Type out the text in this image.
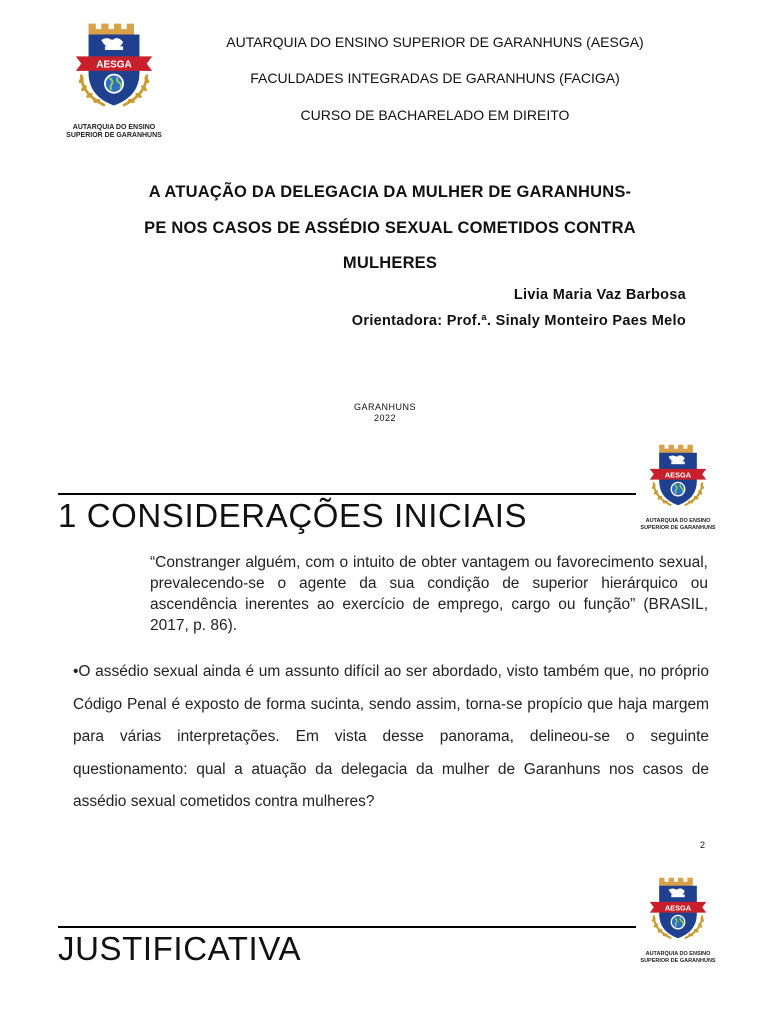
AUTARQUIA DO ENSINO
SUPERIOR DE GARANHUNS
AUTARQUIA DO ENSINO SUPERIOR DE GARANHUNS (AESGA)
FACULDADES INTEGRADAS DE GARANHUNS (FACIGA)
CURSO DE BACHARELADO EM DIREITO
A ATUAÇÃO DA DELEGACIA DA MULHER DE GARANHUNS-
PE NOS CASOS DE ASSÉDIO SEXUAL COMETIDOS CONTRA
MULHERES
Livia Maria Vaz Barbosa
Orientadora: Prof.ª. Sinaly Monteiro Paes Melo
GARANHUNS
2022
AUTARQUIA DO ENSINO
SUPERIOR DE GARANHUNS
1 CONSIDERAÇÕES INICIAIS
“Constranger alguém, com o intuito de obter vantagem ou favorecimento sexual, prevalecendo-se o agente da sua condição de superior hierárquico ou ascendência inerentes ao exercício de emprego, cargo ou função” (BRASIL, 2017, p. 86).
•O assédio sexual ainda é um assunto difícil ao ser abordado, visto também que, no próprio Código Penal é exposto de forma sucinta, sendo assim, torna-se propício que haja margem para várias interpretações. Em vista desse panorama, delineou-se o seguinte questionamento: qual a atuação da delegacia da mulher de Garanhuns nos casos de assédio sexual cometidos contra mulheres?
2
AUTARQUIA DO ENSINO
SUPERIOR DE GARANHUNS
JUSTIFICATIVA
